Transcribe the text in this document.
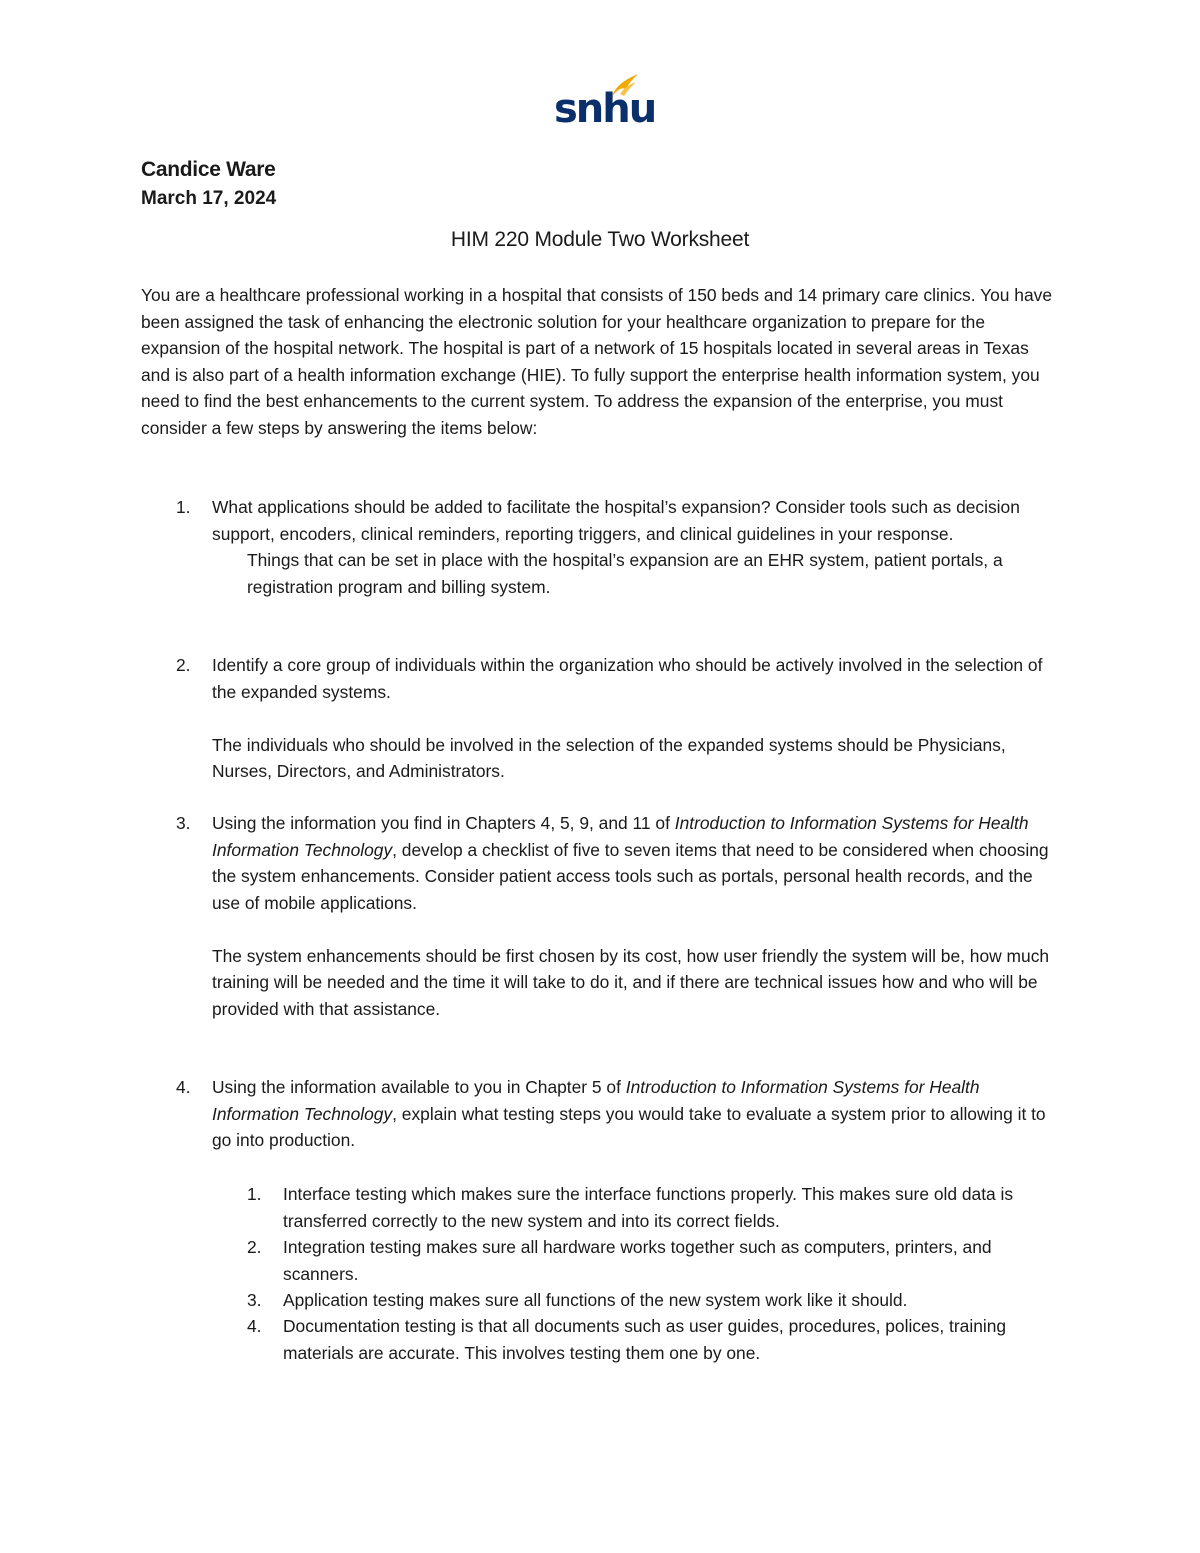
snhu
Candice Ware
March 17, 2024
HIM 220 Module Two Worksheet
You are a healthcare professional working in a hospital that consists of 150 beds and 14 primary care clinics. You have been assigned the task of enhancing the electronic solution for your healthcare organization to prepare for the expansion of the hospital network. The hospital is part of a network of 15 hospitals located in several areas in Texas and is also part of a health information exchange (HIE). To fully support the enterprise health information system, you need to find the best enhancements to the current system. To address the expansion of the enterprise, you must consider a few steps by answering the items below:
1. What applications should be added to facilitate the hospital’s expansion? Consider tools such as decision support, encoders, clinical reminders, reporting triggers, and clinical guidelines in your response.
Things that can be set in place with the hospital’s expansion are an EHR system, patient portals, a registration program and billing system.
2. Identify a core group of individuals within the organization who should be actively involved in the selection of the expanded systems.
The individuals who should be involved in the selection of the expanded systems should be Physicians, Nurses, Directors, and Administrators.
3. Using the information you find in Chapters 4, 5, 9, and 11 of Introduction to Information Systems for Health Information Technology, develop a checklist of five to seven items that need to be considered when choosing the system enhancements. Consider patient access tools such as portals, personal health records, and the use of mobile applications.
The system enhancements should be first chosen by its cost, how user friendly the system will be, how much training will be needed and the time it will take to do it, and if there are technical issues how and who will be provided with that assistance.
4. Using the information available to you in Chapter 5 of Introduction to Information Systems for Health Information Technology, explain what testing steps you would take to evaluate a system prior to allowing it to go into production.
1. Interface testing which makes sure the interface functions properly. This makes sure old data is transferred correctly to the new system and into its correct fields.
2. Integration testing makes sure all hardware works together such as computers, printers, and scanners.
3. Application testing makes sure all functions of the new system work like it should.
4. Documentation testing is that all documents such as user guides, procedures, polices, training materials are accurate. This involves testing them one by one.
